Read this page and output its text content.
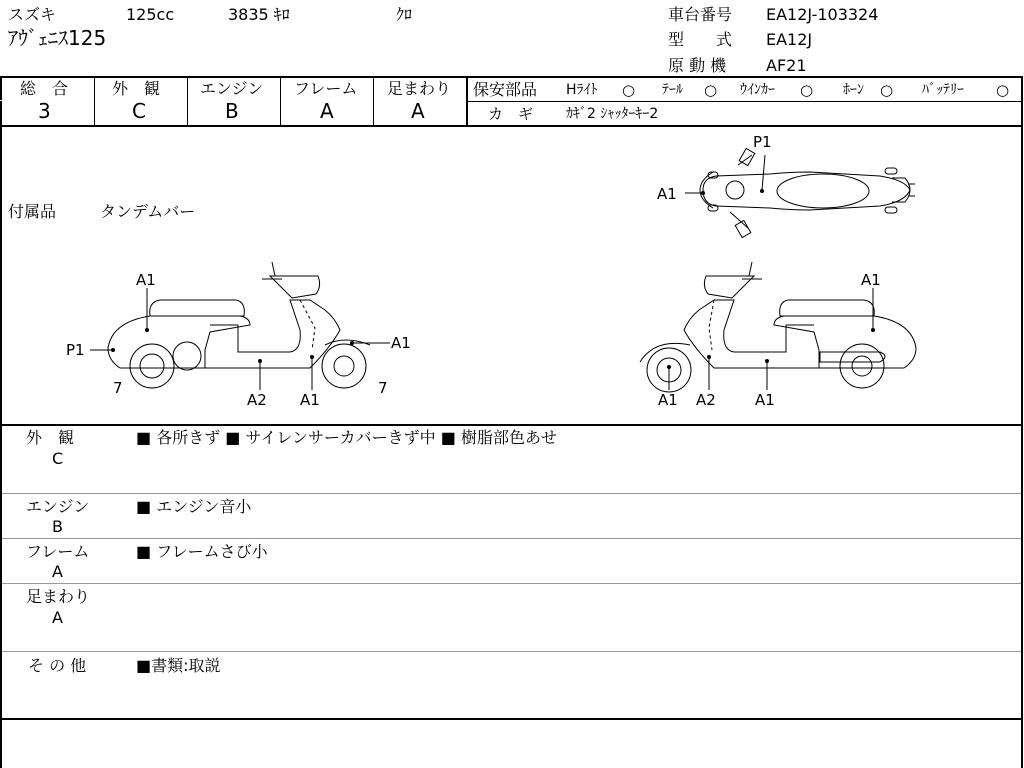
スズキ	125cc	3835 ｷﾛ	ｸﾛ
ｱｳﾞｪﾆｽ125
車台番号 EA12J-103324
型　　式 EA12J
原 動 機 AF21
総　合
3
外　観
C
エンジン
B
フレーム
A
足まわり
A
保安部品 Hﾗｲﾄ ○ ﾃｰﾙ ○ ｳｲﾝｶｰ ○ ﾎｰﾝ ○ ﾊﾞｯﾃﾘｰ ○
カ　ギ ｶｷﾞ2 ｼｬｯﾀｰｷｰ2
付属品	タンデムバー
P1
A1
A1
P1
7
A2 A1
7
A1
A1
A1 A2	A1
外　観
C
■ 各所きず ■ サイレンサーカバーきず中 ■ 樹脂部色あせ
エンジン
B
■ エンジン音小
フレーム
A
■ フレームさび小
足まわり
A
そ の 他	■書類:取説
